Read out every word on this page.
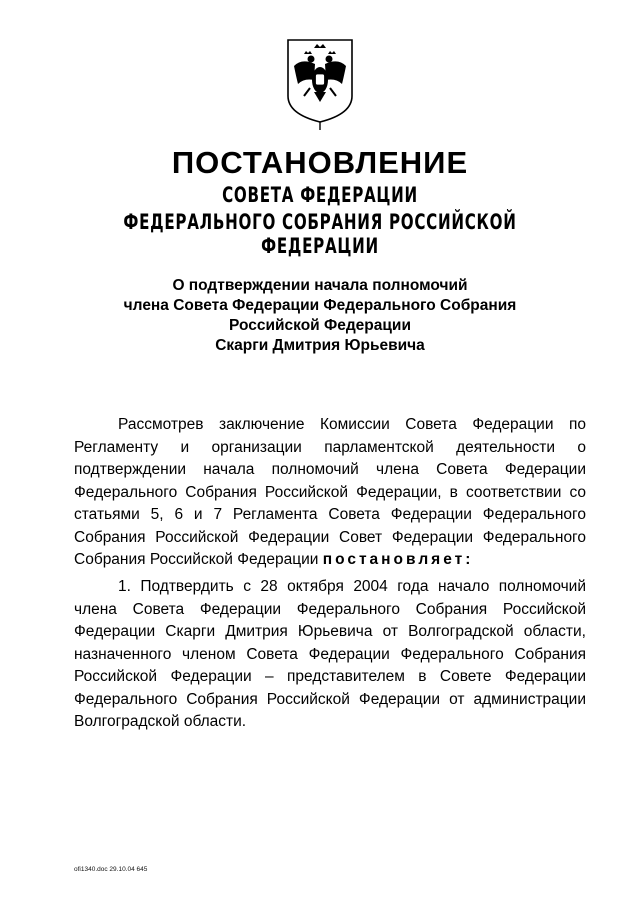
ПОСТАНОВЛЕНИЕ
СОВЕТА ФЕДЕРАЦИИ
ФЕДЕРАЛЬНОГО СОБРАНИЯ РОССИЙСКОЙ ФЕДЕРАЦИИ
О подтверждении начала полномочий
члена Совета Федерации Федерального Собрания
Российской Федерации
Скарги Дмитрия Юрьевича

Рассмотрев заключение Комиссии Совета Федерации по Регламенту и организации парламентской деятельности о подтверждении начала полномочий члена Совета Федерации Федерального Собрания Российской Федерации, в соответствии со статьями 5, 6 и 7 Регламента Совета Федерации Федерального Собрания Российской Федерации Совет Федерации Федерального Собрания Российской Федерации постановляет:

1. Подтвердить с 28 октября 2004 года начало полномочий члена Совета Федерации Федерального Собрания Российской Федерации Скарги Дмитрия Юрьевича от Волгоградской области, назначенного членом Совета Федерации Федерального Собрания Российской Федерации – представителем в Совете Федерации Федерального Собрания Российской Федерации от администрации Волгоградской области.

ofi1340.doc 29.10.04 645
